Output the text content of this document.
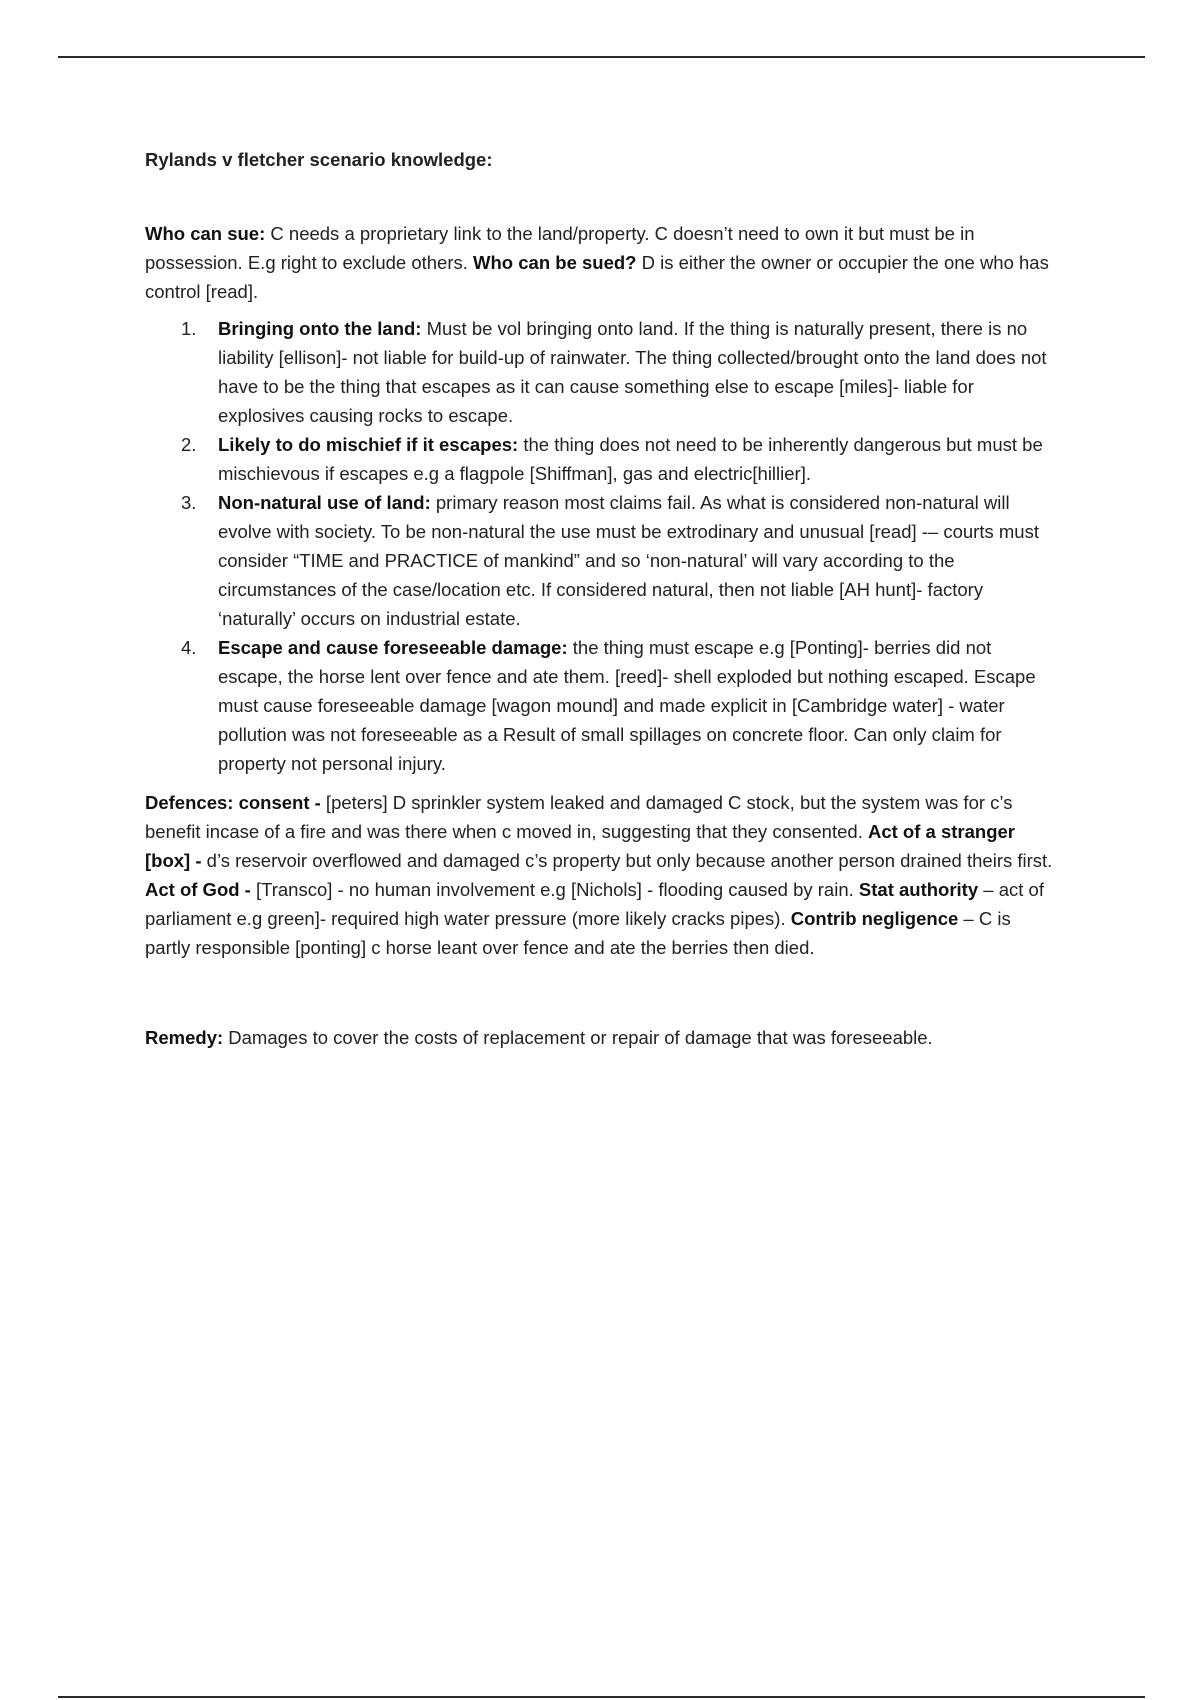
Rylands v fletcher scenario knowledge:

Who can sue: C needs a proprietary link to the land/property. C doesn’t need to own it but must be in possession. E.g right to exclude others. Who can be sued? D is either the owner or occupier the one who has control [read].

1. Bringing onto the land: Must be vol bringing onto land. If the thing is naturally present, there is no liability [ellison]- not liable for build-up of rainwater. The thing collected/brought onto the land does not have to be the thing that escapes as it can cause something else to escape [miles]- liable for explosives causing rocks to escape.
2. Likely to do mischief if it escapes: the thing does not need to be inherently dangerous but must be mischievous if escapes e.g a flagpole [Shiffman], gas and electric[hillier].
3. Non-natural use of land: primary reason most claims fail. As what is considered non-natural will evolve with society. To be non-natural the use must be extrodinary and unusual [read] -– courts must consider “TIME and PRACTICE of mankind” and so ‘non-natural’ will vary according to the circumstances of the case/location etc. If considered natural, then not liable [AH hunt]- factory ‘naturally’ occurs on industrial estate.
4. Escape and cause foreseeable damage: the thing must escape e.g [Ponting]- berries did not escape, the horse lent over fence and ate them. [reed]- shell exploded but nothing escaped. Escape must cause foreseeable damage [wagon mound] and made explicit in [Cambridge water] - water pollution was not foreseeable as a Result of small spillages on concrete floor. Can only claim for property not personal injury.

Defences: consent - [peters] D sprinkler system leaked and damaged C stock, but the system was for c’s benefit incase of a fire and was there when c moved in, suggesting that they consented. Act of a stranger [box] - d’s reservoir overflowed and damaged c’s property but only because another person drained theirs first. Act of God - [Transco] - no human involvement e.g [Nichols] - flooding caused by rain. Stat authority – act of parliament e.g green]- required high water pressure (more likely cracks pipes). Contrib negligence – C is partly responsible [ponting] c horse leant over fence and ate the berries then died.

Remedy: Damages to cover the costs of replacement or repair of damage that was foreseeable.
